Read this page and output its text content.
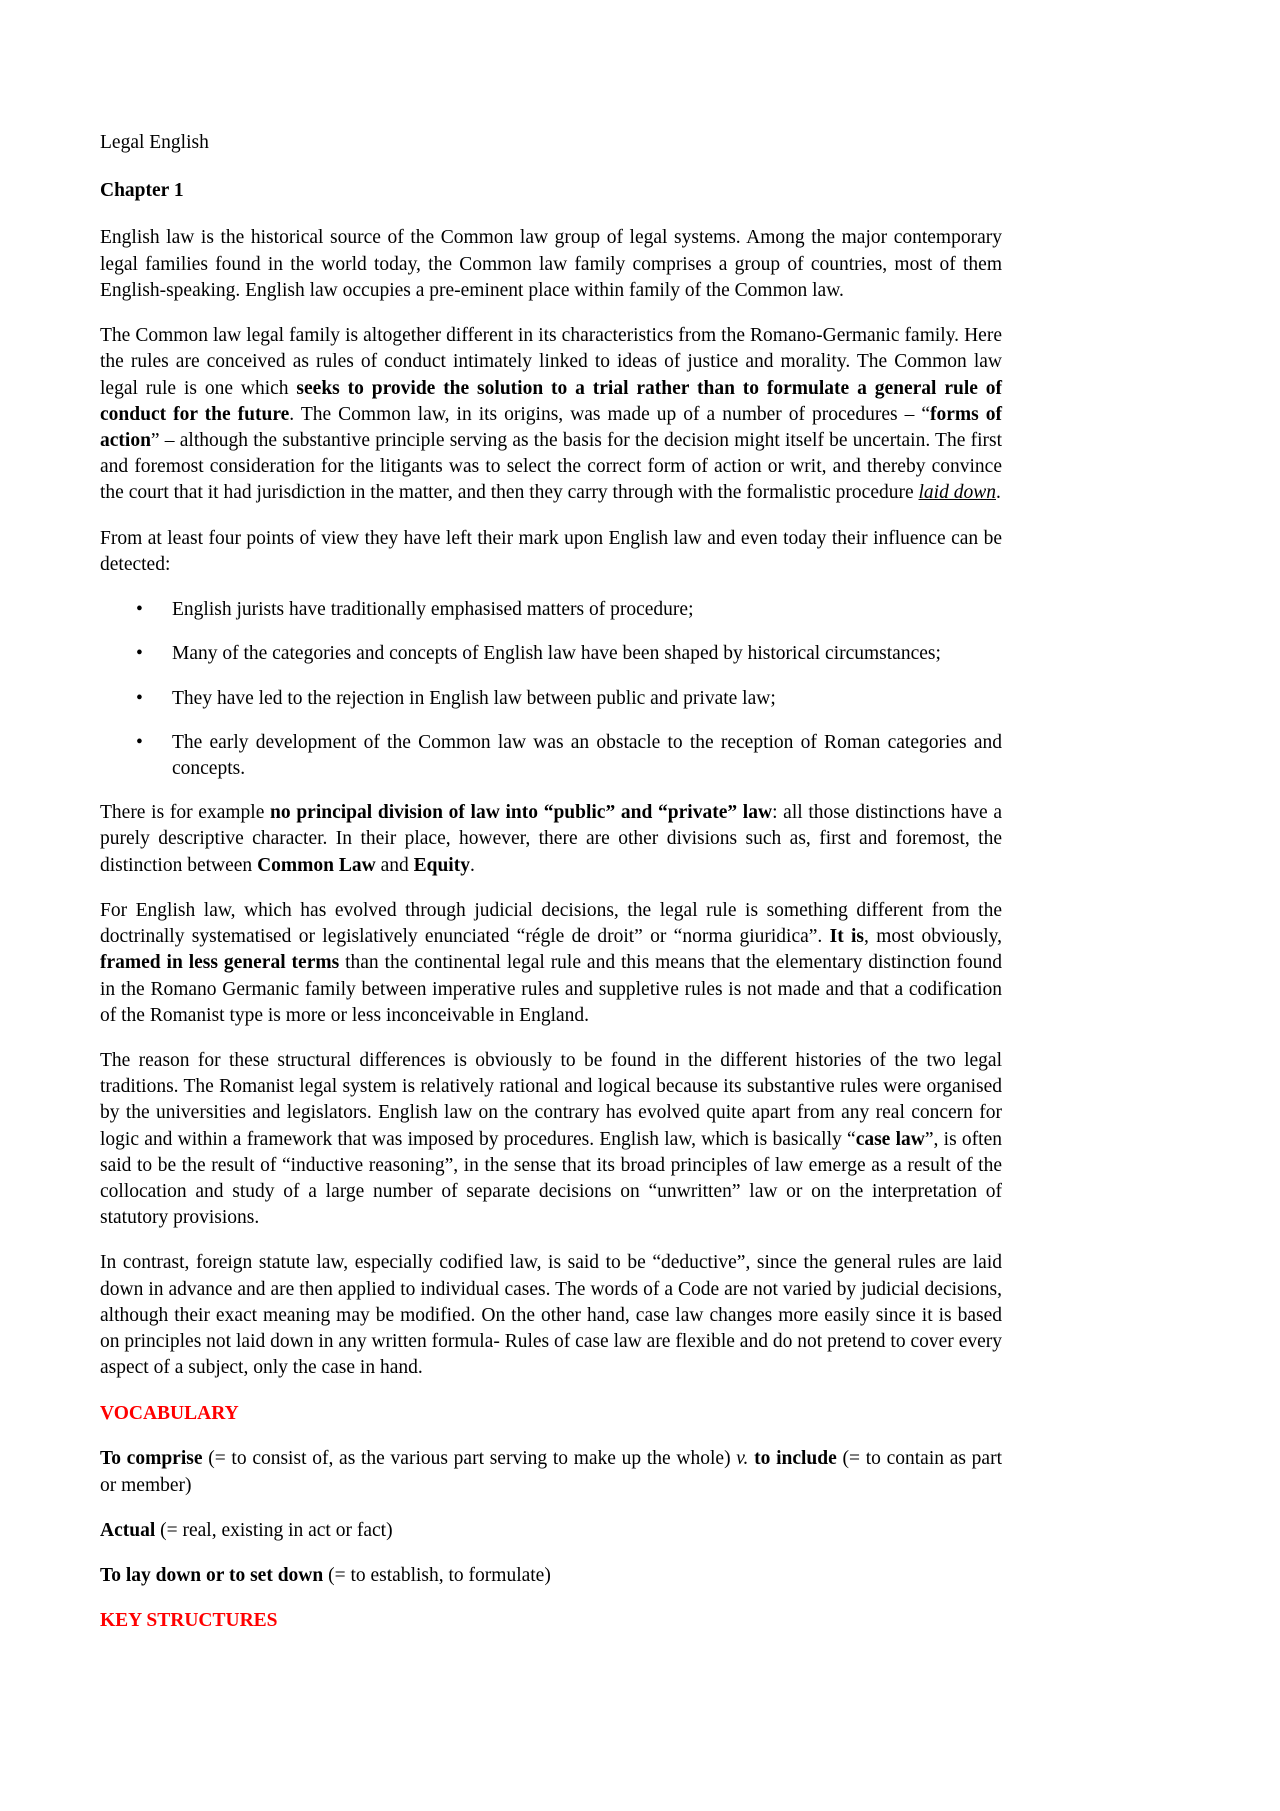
Legal English
Chapter 1

English law is the historical source of the Common law group of legal systems. Among the major contemporary legal families found in the world today, the Common law family comprises a group of countries, most of them English-speaking. English law occupies a pre-eminent place within family of the Common law.

The Common law legal family is altogether different in its characteristics from the Romano-Germanic family. Here the rules are conceived as rules of conduct intimately linked to ideas of justice and morality. The Common law legal rule is one which seeks to provide the solution to a trial rather than to formulate a general rule of conduct for the future. The Common law, in its origins, was made up of a number of procedures – “forms of action” – although the substantive principle serving as the basis for the decision might itself be uncertain. The first and foremost consideration for the litigants was to select the correct form of action or writ, and thereby convince the court that it had jurisdiction in the matter, and then they carry through with the formalistic procedure laid down.

From at least four points of view they have left their mark upon English law and even today their influence can be detected:

• English jurists have traditionally emphasised matters of procedure;
• Many of the categories and concepts of English law have been shaped by historical circumstances;
• They have led to the rejection in English law between public and private law;
• The early development of the Common law was an obstacle to the reception of Roman categories and concepts.

There is for example no principal division of law into “public” and “private” law: all those distinctions have a purely descriptive character. In their place, however, there are other divisions such as, first and foremost, the distinction between Common Law and Equity.

For English law, which has evolved through judicial decisions, the legal rule is something different from the doctrinally systematised or legislatively enunciated “régle de droit” or “norma giuridica”. It is, most obviously, framed in less general terms than the continental legal rule and this means that the elementary distinction found in the Romano Germanic family between imperative rules and suppletive rules is not made and that a codification of the Romanist type is more or less inconceivable in England.

The reason for these structural differences is obviously to be found in the different histories of the two legal traditions. The Romanist legal system is relatively rational and logical because its substantive rules were organised by the universities and legislators. English law on the contrary has evolved quite apart from any real concern for logic and within a framework that was imposed by procedures. English law, which is basically “case law”, is often said to be the result of “inductive reasoning”, in the sense that its broad principles of law emerge as a result of the collocation and study of a large number of separate decisions on “unwritten” law or on the interpretation of statutory provisions.

In contrast, foreign statute law, especially codified law, is said to be “deductive”, since the general rules are laid down in advance and are then applied to individual cases. The words of a Code are not varied by judicial decisions, although their exact meaning may be modified. On the other hand, case law changes more easily since it is based on principles not laid down in any written formula- Rules of case law are flexible and do not pretend to cover every aspect of a subject, only the case in hand.

VOCABULARY

To comprise (= to consist of, as the various part serving to make up the whole) v. to include (= to contain as part or member)

Actual (= real, existing in act or fact)

To lay down or to set down (= to establish, to formulate)

KEY STRUCTURES
